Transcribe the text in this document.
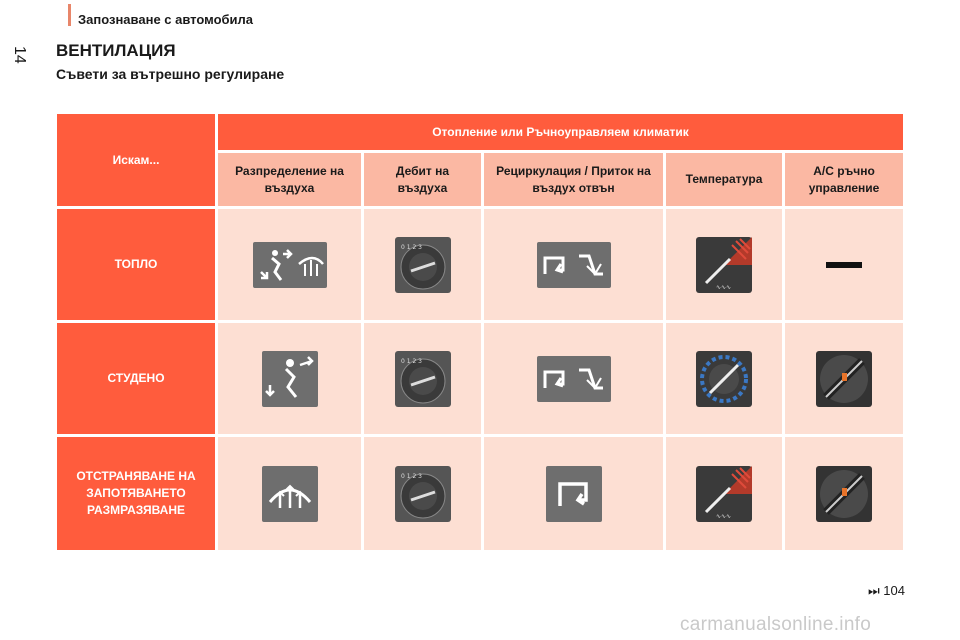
Запознаване с автомобила
14 ВЕНТИЛАЦИЯ
Съвети за вътрешно регулиране
Искам...
Отопление или Ръчноуправляем климатик
Разпределение на въздуха
Дебит на въздуха
Рециркулация / Приток на въздух отвън
Температура
A/C ръчно управление
ТОПЛО
0 1 2 3
∿∿∿
СТУДЕНО
0 1 2 3
ОТСТРАНЯВАНЕ НА ЗАПОТЯВАНЕТО РАЗМРАЗЯВАНЕ
0 1 2 3
∿∿∿
⏭ 104
carmanualsonline.info
